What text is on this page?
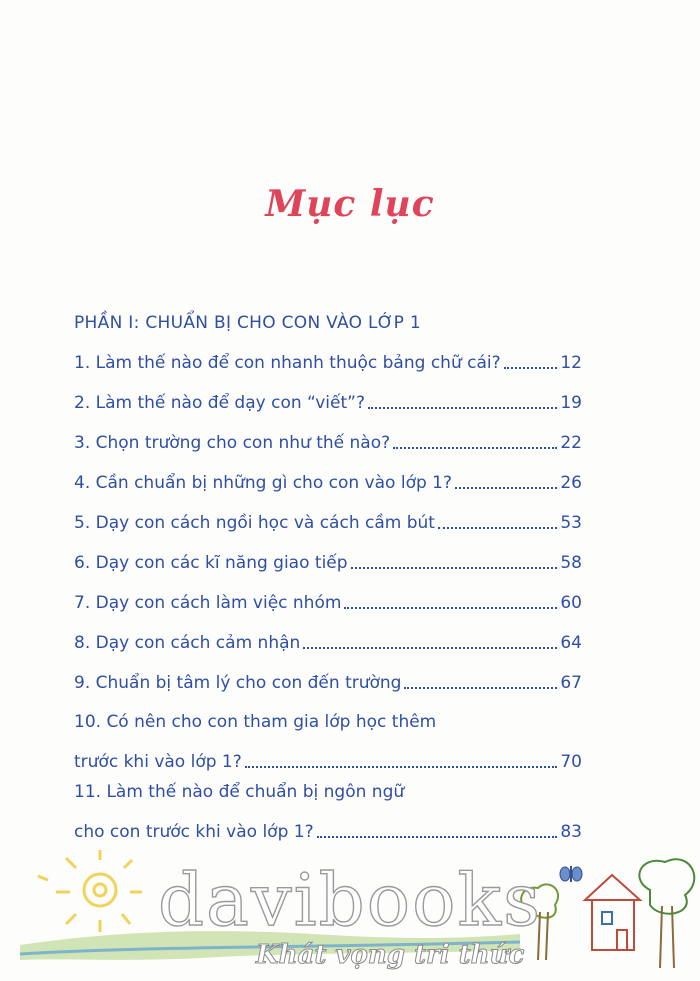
Mục lục
PHẦN I: CHUẨN BỊ CHO CON VÀO LỚP 1
1. Làm thế nào để con nhanh thuộc bảng chữ cái?	12
2. Làm thế nào để dạy con “viết”?	19
3. Chọn trường cho con như thế nào?	22
4. Cần chuẩn bị những gì cho con vào lớp 1?	26
5. Dạy con cách ngồi học và cách cầm bút	53
6. Dạy con các kĩ năng giao tiếp	58
7. Dạy con cách làm việc nhóm	60
8. Dạy con cách cảm nhận	64
9. Chuẩn bị tâm lý cho con đến trường	67
10. Có nên cho con tham gia lớp học thêm
trước khi vào lớp 1?	70
11. Làm thế nào để chuẩn bị ngôn ngữ
cho con trước khi vào lớp 1?	83
davibooks
Khát vọng tri thức
